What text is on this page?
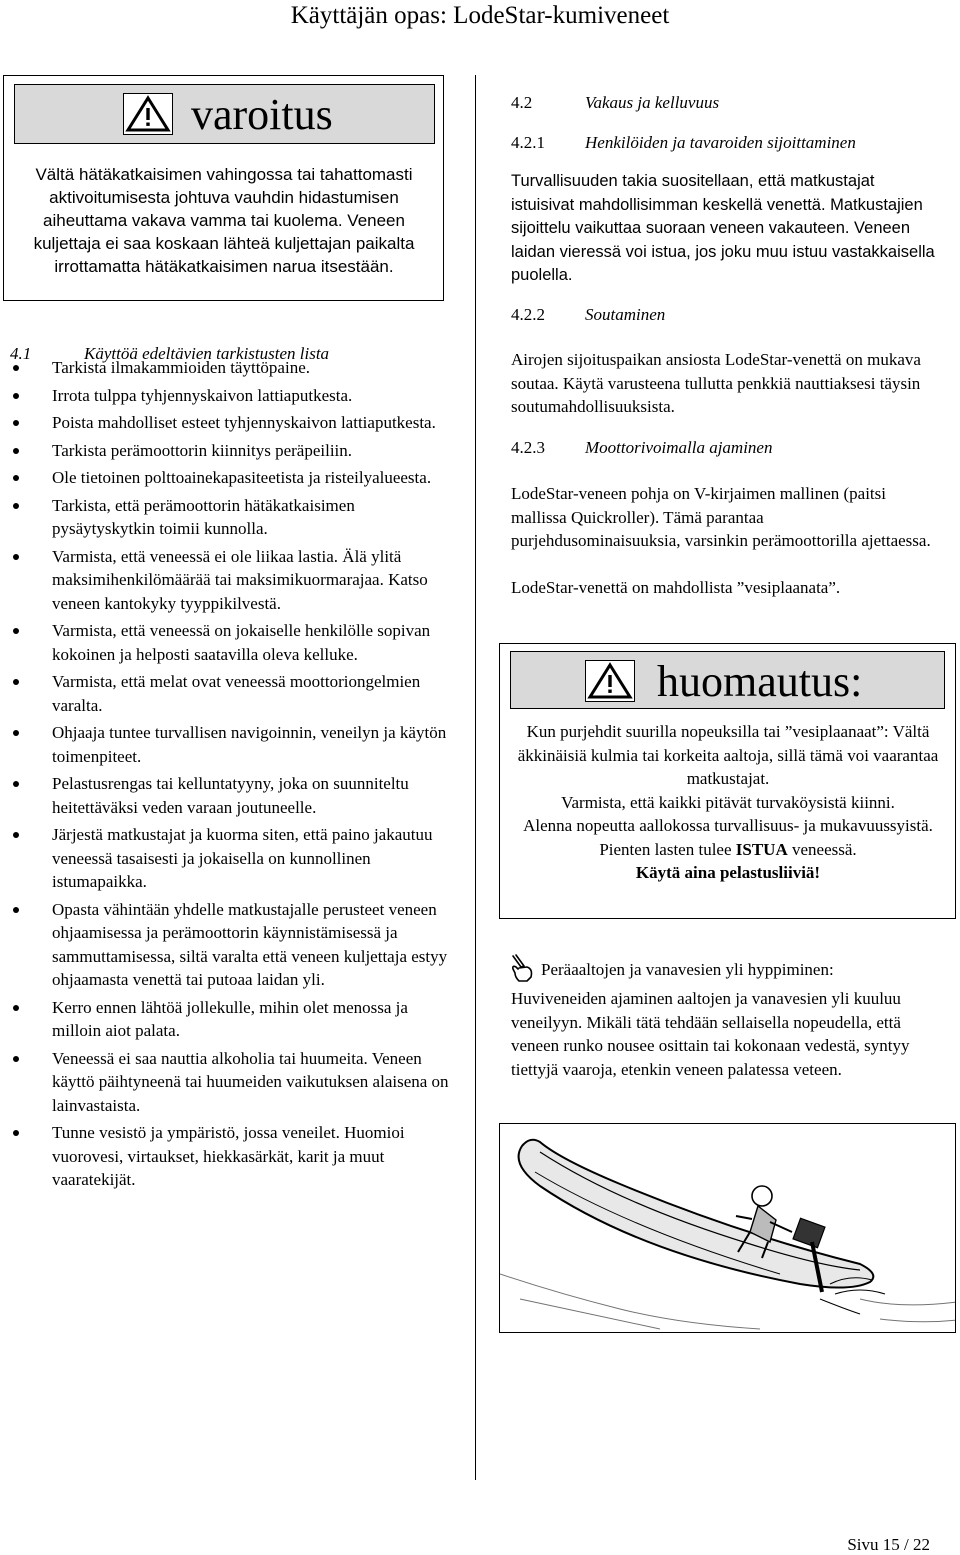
Käyttäjän opas: LodeStar-kumiveneet
varoitus
Vältä hätäkatkaisimen vahingossa tai tahattomasti aktivoitumisesta johtuva vauhdin hidastumisen aiheuttama vakava vamma tai kuolema. Veneen kuljettaja ei saa koskaan lähteä kuljettajan paikalta irrottamatta hätäkatkaisimen narua itsestään.
4.1	Käyttöä edeltävien tarkistusten lista
Tarkista ilmakammioiden täyttöpaine.
Irrota tulppa tyhjennyskaivon lattiaputkesta.
Poista mahdolliset esteet tyhjennyskaivon lattiaputkesta.
Tarkista perämoottorin kiinnitys peräpeiliin.
Ole tietoinen polttoainekapasiteetista ja risteilyalueesta.
Tarkista, että perämoottorin hätäkatkaisimen pysäytyskytkin toimii kunnolla.
Varmista, että veneessä ei ole liikaa lastia. Älä ylitä maksimihenkilömäärää tai maksimikuormarajaa. Katso veneen kantokyky tyyppikilvestä.
Varmista, että veneessä on jokaiselle henkilölle sopivan kokoinen ja helposti saatavilla oleva kelluke.
Varmista, että melat ovat veneessä moottoriongelmien varalta.
Ohjaaja tuntee turvallisen navigoinnin, veneilyn ja käytön toimenpiteet.
Pelastusrengas tai kelluntatyyny, joka on suunniteltu heitettäväksi veden varaan joutuneelle.
Järjestä matkustajat ja kuorma siten, että paino jakautuu veneessä tasaisesti ja jokaisella on kunnollinen istumapaikka.
Opasta vähintään yhdelle matkustajalle perusteet veneen ohjaamisessa ja perämoottorin käynnistämisessä ja sammuttamisessa, siltä varalta että veneen kuljettaja estyy ohjaamasta venettä tai putoaa laidan yli.
Kerro ennen lähtöä jollekulle, mihin olet menossa ja milloin aiot palata.
Veneessä ei saa nauttia alkoholia tai huumeita. Veneen käyttö päihtyneenä tai huumeiden vaikutuksen alaisena on lainvastaista.
Tunne vesistö ja ympäristö, jossa veneilet. Huomioi vuorovesi, virtaukset, hiekkasärkät, karit ja muut vaaratekijät.
4.2	Vakaus ja kelluvuus
4.2.1 Henkilöiden ja tavaroiden sijoittaminen
Turvallisuuden takia suositellaan, että matkustajat istuisivat mahdollisimman keskellä venettä. Matkustajien sijoittelu vaikuttaa suoraan veneen vakauteen. Veneen laidan vieressä voi istua, jos joku muu istuu vastakkaisella puolella.
4.2.2 Soutaminen
Airojen sijoituspaikan ansiosta LodeStar-venettä on mukava soutaa. Käytä varusteena tullutta penkkiä nauttiaksesi täysin soutumahdollisuuksista.
4.2.3 Moottorivoimalla ajaminen
LodeStar-veneen pohja on V-kirjaimen mallinen (paitsi mallissa Quickroller). Tämä parantaa purjehdusominaisuuksia, varsinkin perämoottorilla ajettaessa.
LodeStar-venettä on mahdollista ”vesiplaanata”.
huomautus:
Kun purjehdit suurilla nopeuksilla tai ”vesiplaanaat”: Vältä äkkinäisiä kulmia tai korkeita aaltoja, sillä tämä voi vaarantaa matkustajat.
Varmista, että kaikki pitävät turvaköysistä kiinni.
Alenna nopeutta aallokossa turvallisuus- ja mukavuussyistä.
Pienten lasten tulee ISTUA veneessä.
Käytä aina pelastusliiviä!
Peräaaltojen ja vanavesien yli hyppiminen:
Huviveneiden ajaminen aaltojen ja vanavesien yli kuuluu veneilyyn. Mikäli tätä tehdään sellaisella nopeudella, että veneen runko nousee osittain tai kokonaan vedestä, syntyy tiettyjä vaaroja, etenkin veneen palatessa veteen.
Sivu 15 / 22
